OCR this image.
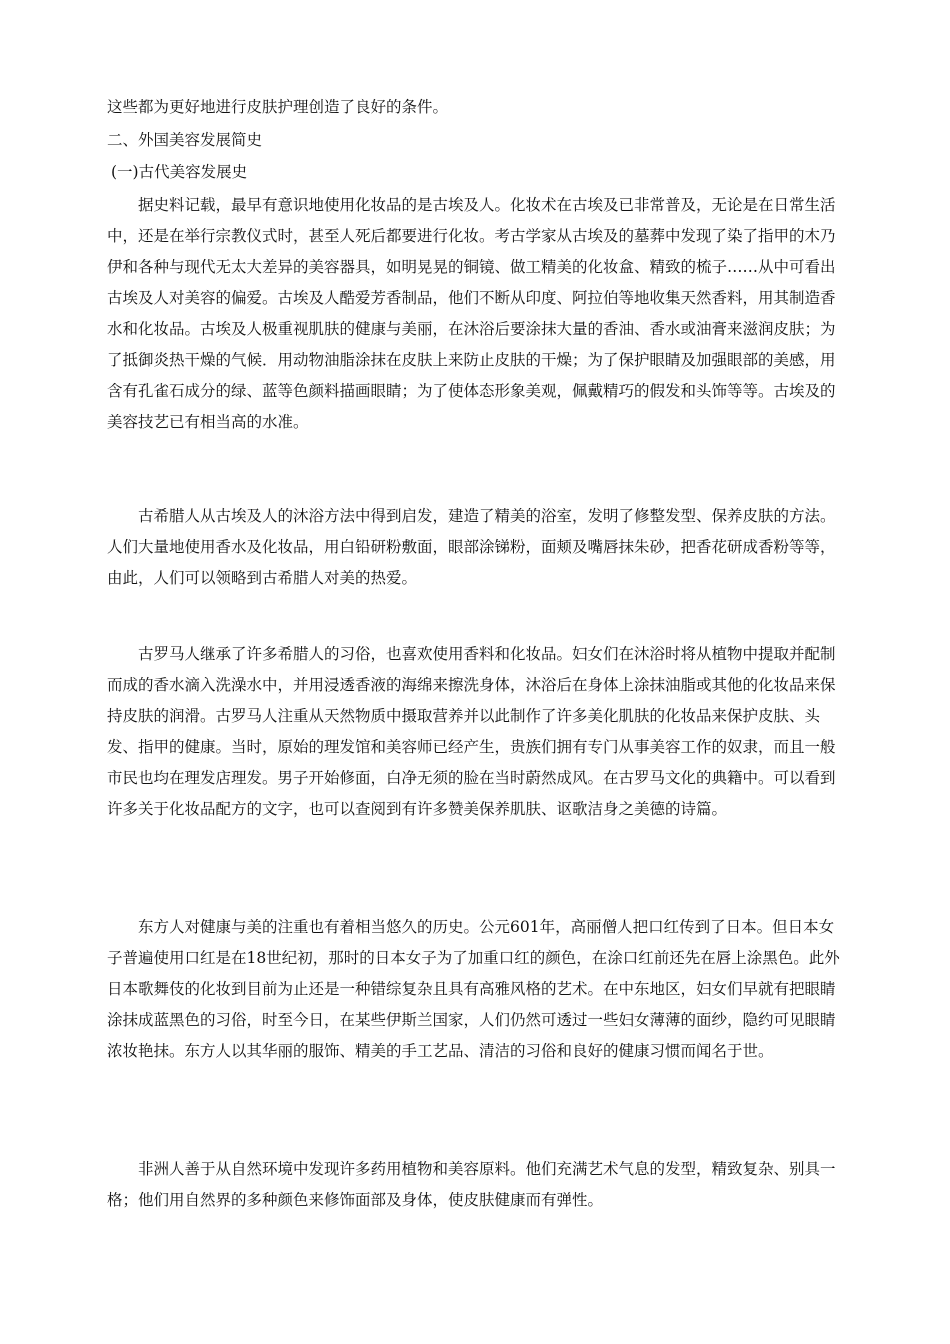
这些都为更好地进行皮肤护理创造了良好的条件。
二、外国美容发展简史
(一)古代美容发展史
据史料记载，最早有意识地使用化妆品的是古埃及人。化妆术在古埃及已非常普及，无论是在日常生活中，还是在举行宗教仪式时，甚至人死后都要进行化妆。考古学家从古埃及的墓葬中发现了染了指甲的木乃伊和各种与现代无太大差异的美容器具，如明晃晃的铜镜、做工精美的化妆盒、精致的梳子……从中可看出古埃及人对美容的偏爱。古埃及人酷爱芳香制品，他们不断从印度、阿拉伯等地收集天然香料，用其制造香水和化妆品。古埃及人极重视肌肤的健康与美丽，在沐浴后要涂抹大量的香油、香水或油膏来滋润皮肤；为了抵御炎热干燥的气候．用动物油脂涂抹在皮肤上来防止皮肤的干燥；为了保护眼睛及加强眼部的美感，用含有孔雀石成分的绿、蓝等色颜料描画眼睛；为了使体态形象美观，佩戴精巧的假发和头饰等等。古埃及的美容技艺已有相当高的水准。
古希腊人从古埃及人的沐浴方法中得到启发，建造了精美的浴室，发明了修整发型、保养皮肤的方法。人们大量地使用香水及化妆品，用白铅研粉敷面，眼部涂锑粉，面颊及嘴唇抹朱砂，把香花研成香粉等等，由此，人们可以领略到古希腊人对美的热爱。
古罗马人继承了许多希腊人的习俗，也喜欢使用香料和化妆品。妇女们在沐浴时将从植物中提取并配制而成的香水滴入洗澡水中，并用浸透香液的海绵来擦洗身体，沐浴后在身体上涂抹油脂或其他的化妆品来保持皮肤的润滑。古罗马人注重从天然物质中摄取营养并以此制作了许多美化肌肤的化妆品来保护皮肤、头发、指甲的健康。当时，原始的理发馆和美容师已经产生，贵族们拥有专门从事美容工作的奴隶，而且一般市民也均在理发店理发。男子开始修面，白净无须的脸在当时蔚然成风。在古罗马文化的典籍中。可以看到许多关于化妆品配方的文字，也可以查阅到有许多赞美保养肌肤、讴歌洁身之美德的诗篇。
东方人对健康与美的注重也有着相当悠久的历史。公元601年，高丽僧人把口红传到了日本。但日本女子普遍使用口红是在18世纪初，那时的日本女子为了加重口红的颜色，在涂口红前还先在唇上涂黑色。此外日本歌舞伎的化妆到目前为止还是一种错综复杂且具有高雅风格的艺术。在中东地区，妇女们早就有把眼睛涂抹成蓝黑色的习俗，时至今日，在某些伊斯兰国家，人们仍然可透过一些妇女薄薄的面纱，隐约可见眼睛浓妆艳抹。东方人以其华丽的服饰、精美的手工艺品、清洁的习俗和良好的健康习惯而闻名于世。
非洲人善于从自然环境中发现许多药用植物和美容原料。他们充满艺术气息的发型，精致复杂、别具一格；他们用自然界的多种颜色来修饰面部及身体，使皮肤健康而有弹性。
